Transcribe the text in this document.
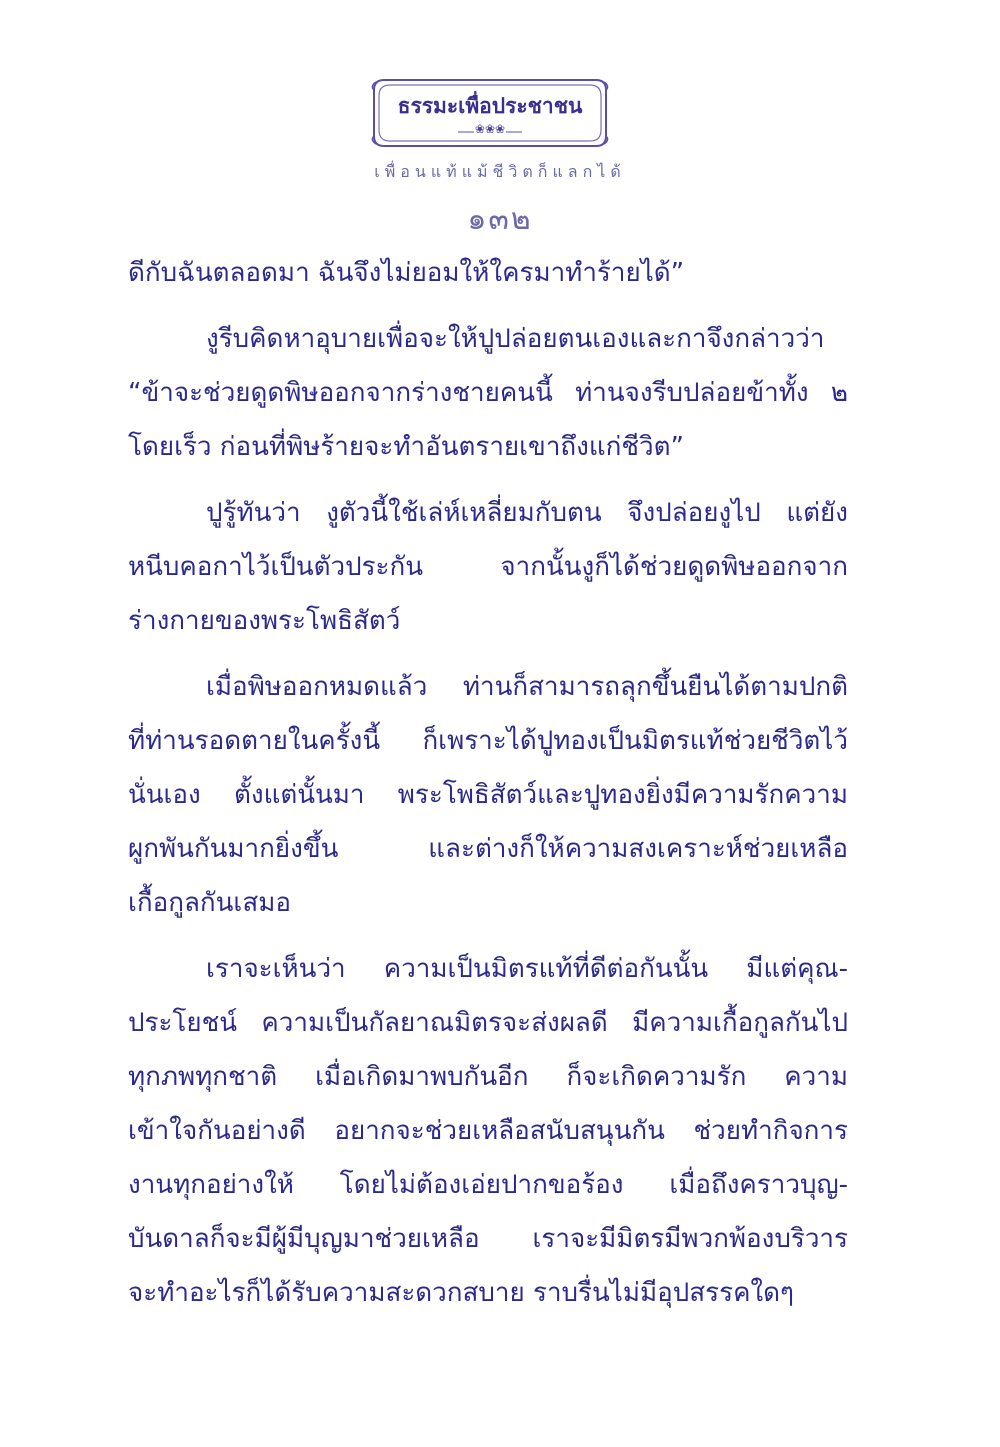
ธรรมะเพื่อประชาชน
❀❀❀
เพื่อนแท้แม้ชีวิตก็แลกได้
๑๓๒
ดีกับฉันตลอดมา ฉันจึงไม่ยอมให้ใครมาทำร้ายได้”
งูรีบคิดหาอุบายเพื่อจะให้ปูปล่อยตนเองและกาจึงกล่าวว่า
“ข้าจะช่วยดูดพิษออกจากร่างชายคนนี้ ท่านจงรีบปล่อยข้าทั้ง ๒
โดยเร็ว ก่อนที่พิษร้ายจะทำอันตรายเขาถึงแก่ชีวิต”
ปูรู้ทันว่า งูตัวนี้ใช้เล่ห์เหลี่ยมกับตน จึงปล่อยงูไป แต่ยัง
หนีบคอกาไว้เป็นตัวประกัน จากนั้นงูก็ได้ช่วยดูดพิษออกจาก
ร่างกายของพระโพธิสัตว์
เมื่อพิษออกหมดแล้ว ท่านก็สามารถลุกขึ้นยืนได้ตามปกติ
ที่ท่านรอดตายในครั้งนี้ ก็เพราะได้ปูทองเป็นมิตรแท้ช่วยชีวิตไว้
นั่นเอง ตั้งแต่นั้นมา พระโพธิสัตว์และปูทองยิ่งมีความรักความ
ผูกพันกันมากยิ่งขึ้น และต่างก็ให้ความสงเคราะห์ช่วยเหลือ
เกื้อกูลกันเสมอ
เราจะเห็นว่า ความเป็นมิตรแท้ที่ดีต่อกันนั้น มีแต่คุณ-
ประโยชน์ ความเป็นกัลยาณมิตรจะส่งผลดี มีความเกื้อกูลกันไป
ทุกภพทุกชาติ เมื่อเกิดมาพบกันอีก ก็จะเกิดความรัก ความ
เข้าใจกันอย่างดี อยากจะช่วยเหลือสนับสนุนกัน ช่วยทำกิจการ
งานทุกอย่างให้ โดยไม่ต้องเอ่ยปากขอร้อง เมื่อถึงคราวบุญ-
บันดาลก็จะมีผู้มีบุญมาช่วยเหลือ เราจะมีมิตรมีพวกพ้องบริวาร
จะทำอะไรก็ได้รับความสะดวกสบาย ราบรื่นไม่มีอุปสรรคใดๆ
